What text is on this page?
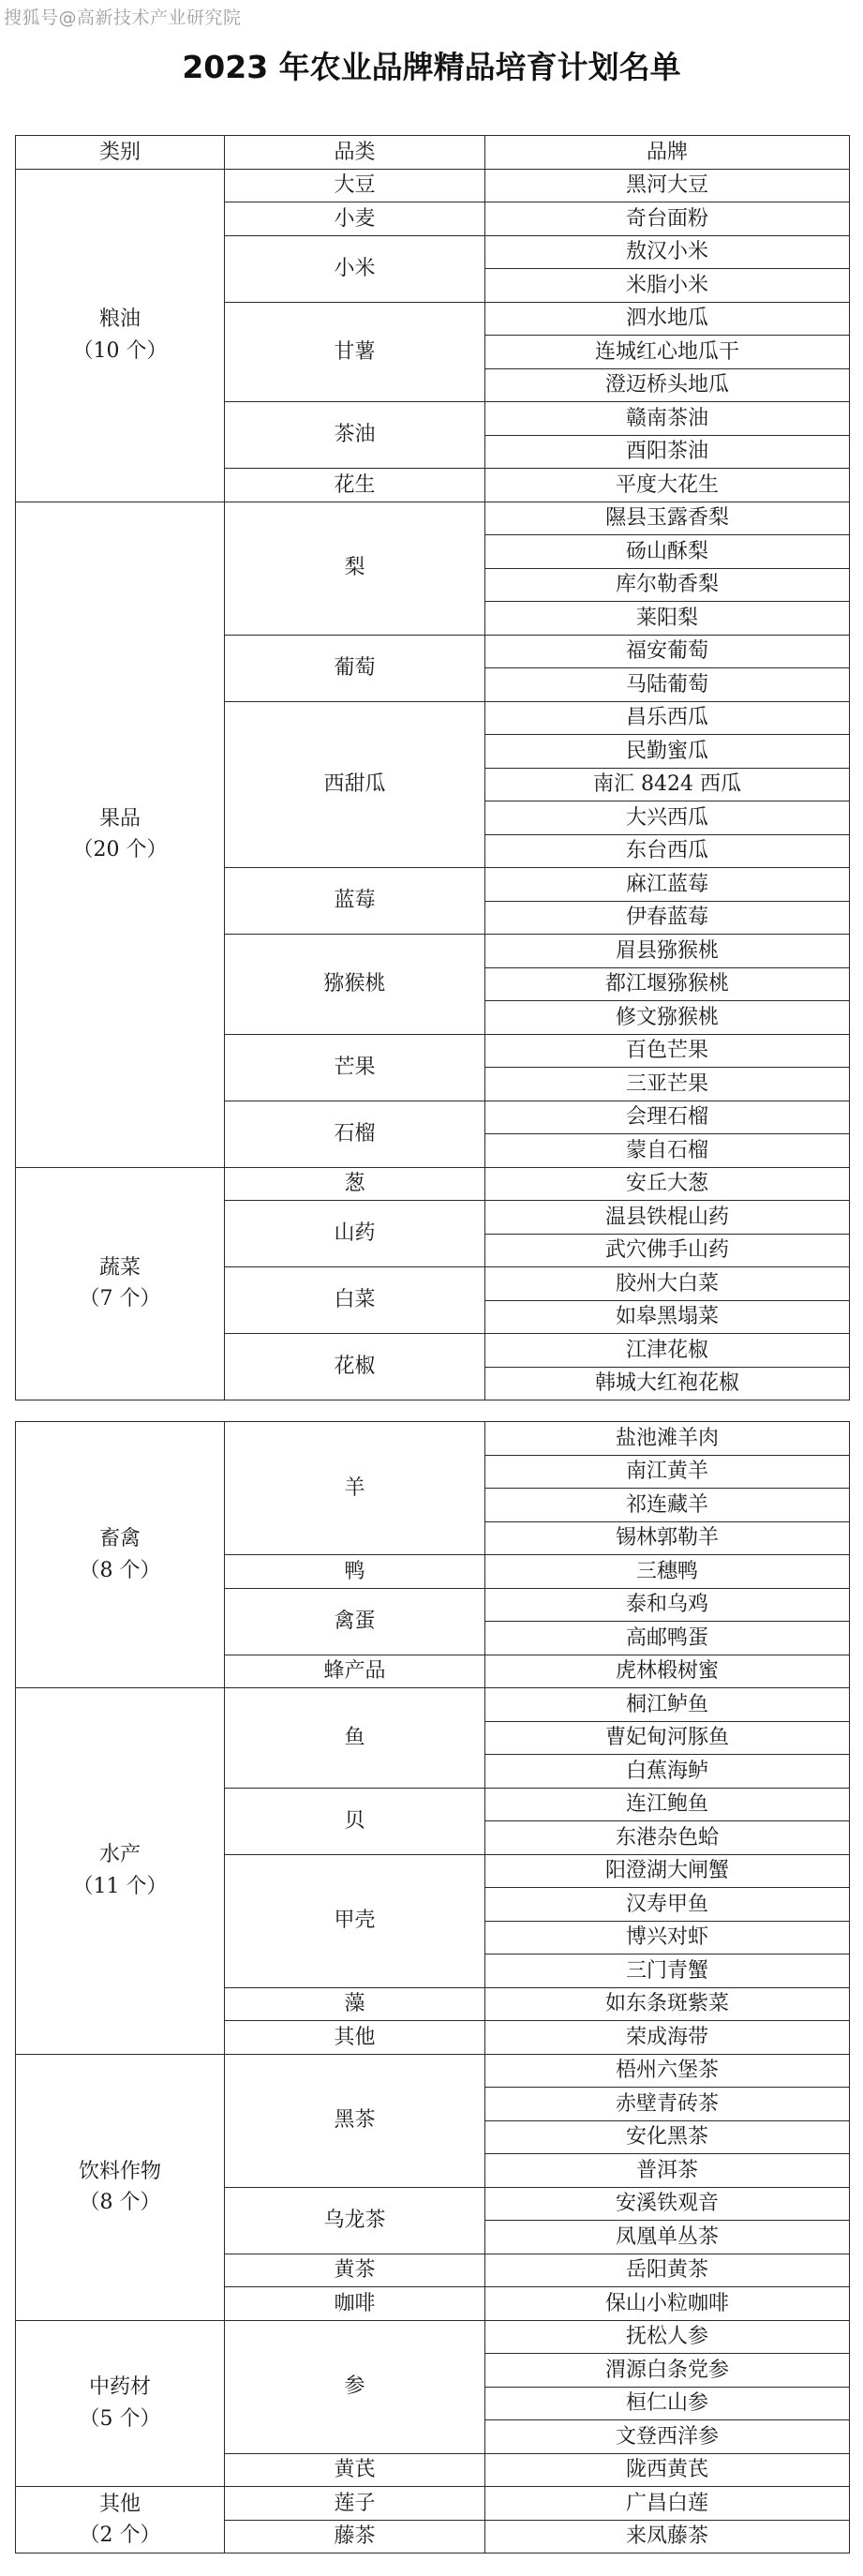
搜狐号@高新技术产业研究院
2023 年农业品牌精品培育计划名单
类别	品类	品牌

粮油
（10 个）	大豆	黑河大豆
	小麦	奇台面粉
	小米	敖汉小米
		米脂小米
	甘薯	泗水地瓜
		连城红心地瓜干
		澄迈桥头地瓜
	茶油	赣南茶油
		酉阳茶油
	花生	平度大花生

果品
（20 个）	梨	隰县玉露香梨
		砀山酥梨
		库尔勒香梨
		莱阳梨
	葡萄	福安葡萄
		马陆葡萄
	西甜瓜	昌乐西瓜
		民勤蜜瓜
		南汇 8424 西瓜
		大兴西瓜
		东台西瓜
	蓝莓	麻江蓝莓
		伊春蓝莓
	猕猴桃	眉县猕猴桃
		都江堰猕猴桃
		修文猕猴桃
	芒果	百色芒果
		三亚芒果
	石榴	会理石榴
		蒙自石榴

蔬菜
（7 个）	葱	安丘大葱
	山药	温县铁棍山药
		武穴佛手山药
	白菜	胶州大白菜
		如皋黑塌菜
	花椒	江津花椒
		韩城大红袍花椒
畜禽
（8 个）	羊	盐池滩羊肉
		南江黄羊
		祁连藏羊
		锡林郭勒羊
	鸭	三穗鸭
	禽蛋	泰和乌鸡
		高邮鸭蛋
	蜂产品	虎林椴树蜜

水产
（11 个）	鱼	桐江鲈鱼
		曹妃甸河豚鱼
		白蕉海鲈
	贝	连江鲍鱼
		东港杂色蛤
	甲壳	阳澄湖大闸蟹
		汉寿甲鱼
		博兴对虾
		三门青蟹
	藻	如东条斑紫菜
	其他	荣成海带

饮料作物
（8 个）	黑茶	梧州六堡茶
		赤壁青砖茶
		安化黑茶
		普洱茶
	乌龙茶	安溪铁观音
		凤凰单丛茶
	黄茶	岳阳黄茶
	咖啡	保山小粒咖啡

中药材
（5 个）	参	抚松人参
		渭源白条党参
		桓仁山参
		文登西洋参
	黄芪	陇西黄芪

其他
（2 个）	莲子	广昌白莲
	藤茶	来凤藤茶
